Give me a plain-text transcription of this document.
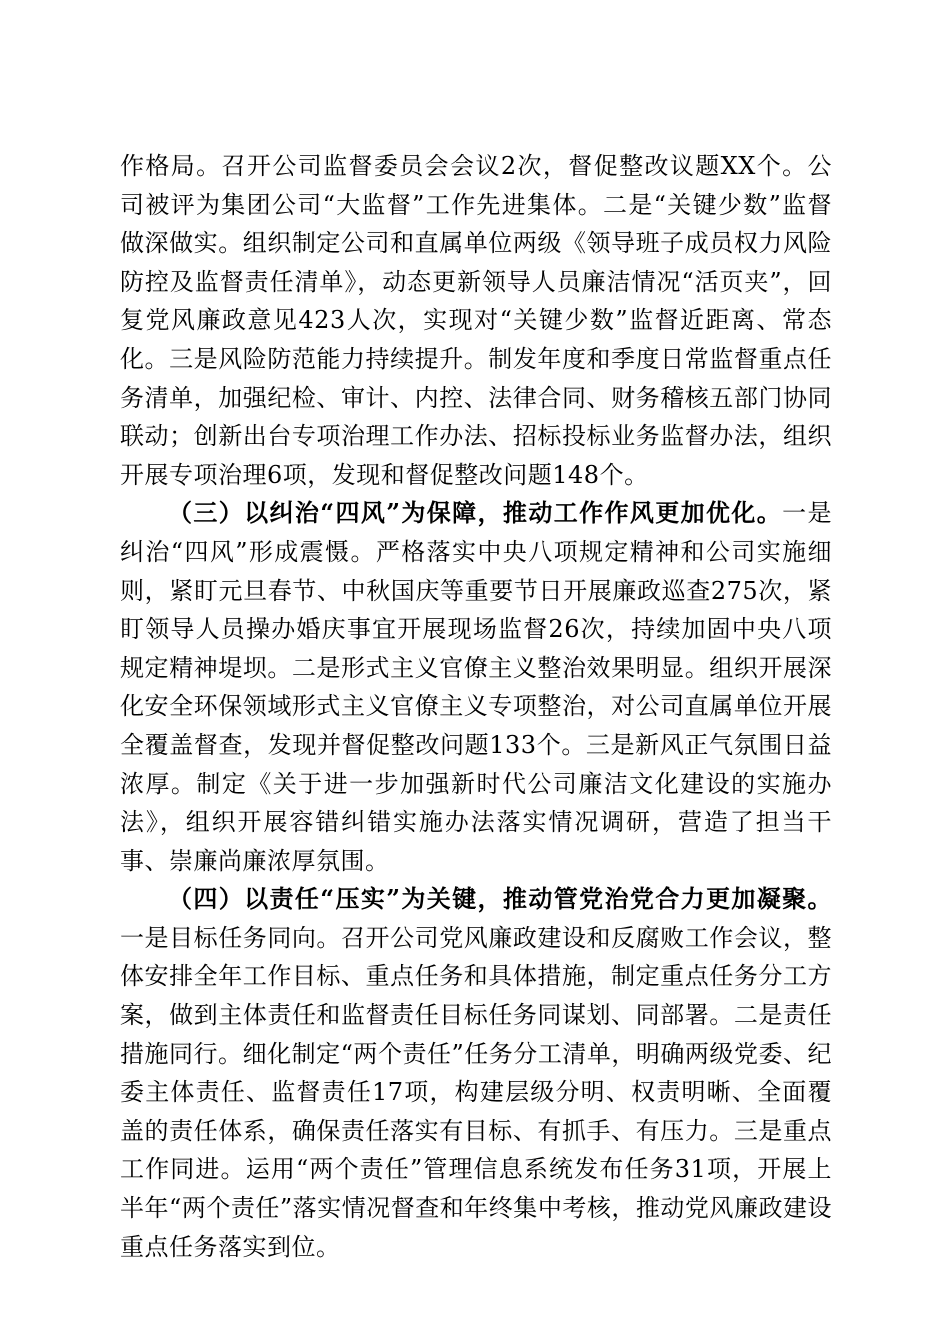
作格局。召开公司监督委员会会议2次，督促整改议题XX个。公司被评为集团公司“大监督”工作先进集体。二是“关键少数”监督做深做实。组织制定公司和直属单位两级《领导班子成员权力风险防控及监督责任清单》，动态更新领导人员廉洁情况“活页夹”，回复党风廉政意见423人次，实现对“关键少数”监督近距离、常态化。三是风险防范能力持续提升。制发年度和季度日常监督重点任务清单，加强纪检、审计、内控、法律合同、财务稽核五部门协同联动；创新出台专项治理工作办法、招标投标业务监督办法，组织开展专项治理6项，发现和督促整改问题148个。

（三）以纠治“四风”为保障，推动工作作风更加优化。一是纠治“四风”形成震慑。严格落实中央八项规定精神和公司实施细则，紧盯元旦春节、中秋国庆等重要节日开展廉政巡查275次，紧盯领导人员操办婚庆事宜开展现场监督26次，持续加固中央八项规定精神堤坝。二是形式主义官僚主义整治效果明显。组织开展深化安全环保领域形式主义官僚主义专项整治，对公司直属单位开展全覆盖督查，发现并督促整改问题133个。三是新风正气氛围日益浓厚。制定《关于进一步加强新时代公司廉洁文化建设的实施办法》，组织开展容错纠错实施办法落实情况调研，营造了担当干事、崇廉尚廉浓厚氛围。

（四）以责任“压实”为关键，推动管党治党合力更加凝聚。一是目标任务同向。召开公司党风廉政建设和反腐败工作会议，整体安排全年工作目标、重点任务和具体措施，制定重点任务分工方案，做到主体责任和监督责任目标任务同谋划、同部署。二是责任措施同行。细化制定“两个责任”任务分工清单，明确两级党委、纪委主体责任、监督责任17项，构建层级分明、权责明晰、全面覆盖的责任体系，确保责任落实有目标、有抓手、有压力。三是重点工作同进。运用“两个责任”管理信息系统发布任务31项，开展上半年“两个责任”落实情况督查和年终集中考核，推动党风廉政建设重点任务落实到位。
